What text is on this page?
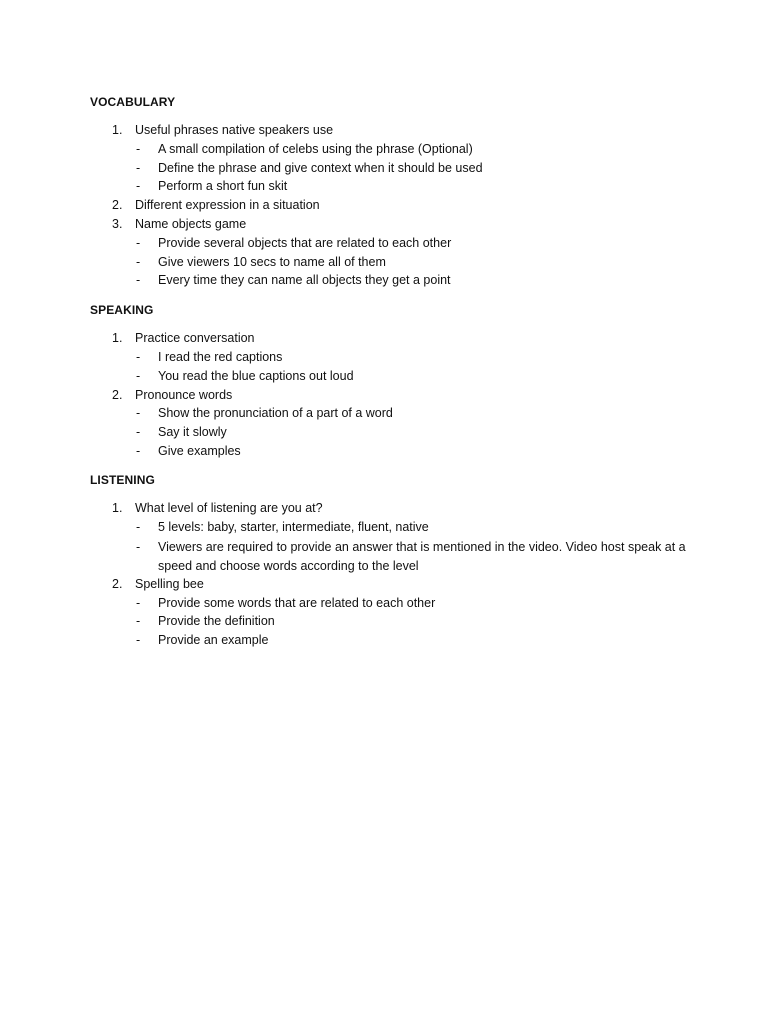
VOCABULARY
1.	Useful phrases native speakers use
-	A small compilation of celebs using the phrase (Optional)
-	Define the phrase and give context when it should be used
-	Perform a short fun skit
2.	Different expression in a situation
3.	Name objects game
-	Provide several objects that are related to each other
-	Give viewers 10 secs to name all of them
-	Every time they can name all objects they get a point
SPEAKING
1.	Practice conversation
-	I read the red captions
-	You read the blue captions out loud
2.	Pronounce words
-	Show the pronunciation of a part of a word
-	Say it slowly
-	Give examples
LISTENING
1.	What level of listening are you at?
-	5 levels: baby, starter, intermediate, fluent, native
-	Viewers are required to provide an answer that is mentioned in the video. Video host speak at a speed and choose words according to the level
2.	Spelling bee
-	Provide some words that are related to each other
-	Provide the definition
-	Provide an example
